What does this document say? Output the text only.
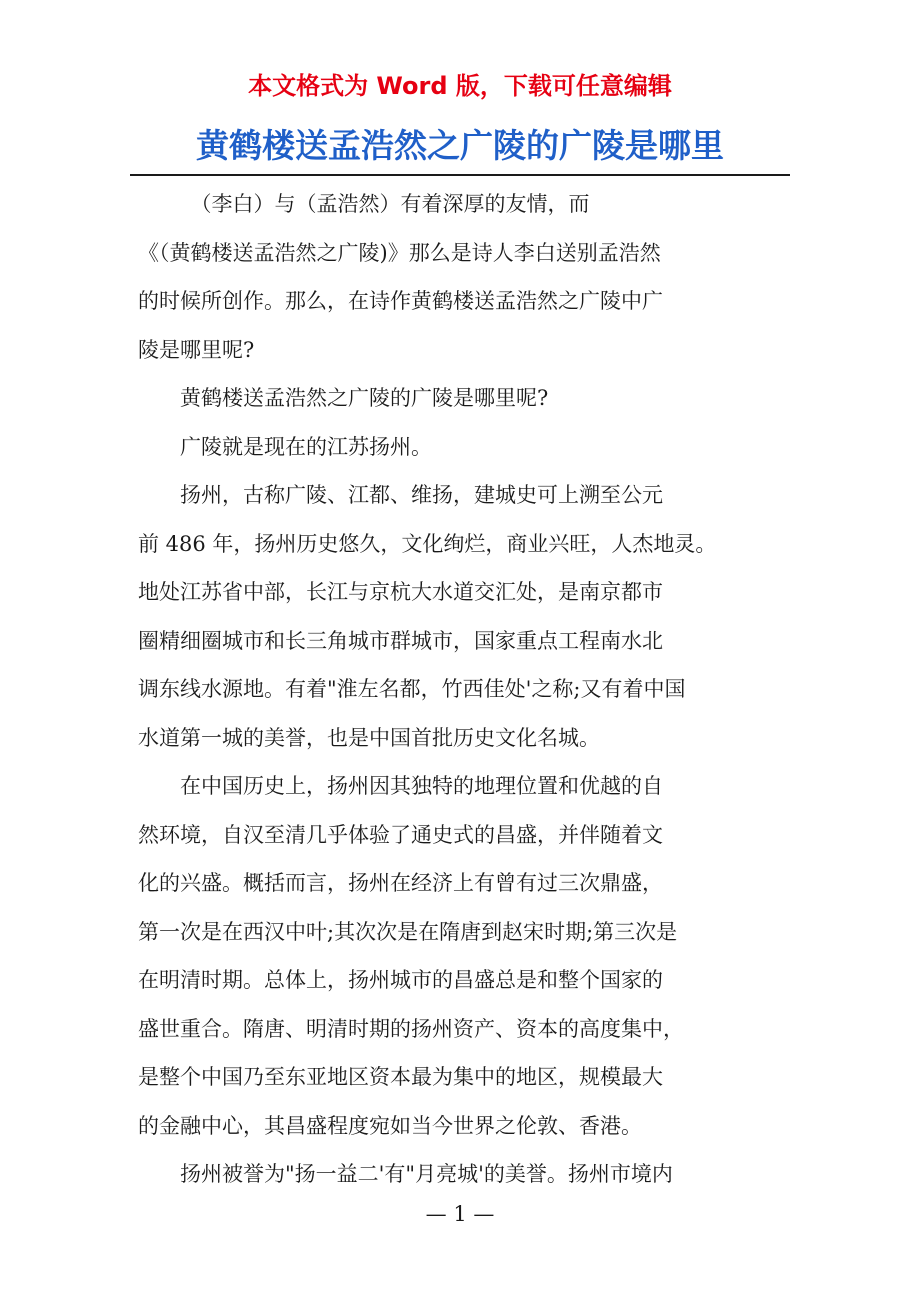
本文格式为 Word 版，下载可任意编辑
黄鹤楼送孟浩然之广陵的广陵是哪里
　　　（李白）与（孟浩然）有着深厚的友情，而
《（黄鹤楼送孟浩然之广陵)》那么是诗人李白送别孟浩然
的时候所创作。那么，在诗作黄鹤楼送孟浩然之广陵中广
陵是哪里呢?
　　黄鹤楼送孟浩然之广陵的广陵是哪里呢?
　　广陵就是现在的江苏扬州。
　　扬州，古称广陵、江都、维扬，建城史可上溯至公元
前 486 年，扬州历史悠久，文化绚烂，商业兴旺，人杰地灵。
地处江苏省中部，长江与京杭大水道交汇处，是南京都市
圈精细圈城市和长三角城市群城市，国家重点工程南水北
调东线水源地。有着"淮左名都，竹西佳处'之称;又有着中国
水道第一城的美誉，也是中国首批历史文化名城。
　　在中国历史上，扬州因其独特的地理位置和优越的自
然环境，自汉至清几乎体验了通史式的昌盛，并伴随着文
化的兴盛。概括而言，扬州在经济上有曾有过三次鼎盛，
第一次是在西汉中叶;其次次是在隋唐到赵宋时期;第三次是
在明清时期。总体上，扬州城市的昌盛总是和整个国家的
盛世重合。隋唐、明清时期的扬州资产、资本的高度集中，
是整个中国乃至东亚地区资本最为集中的地区，规模最大
的金融中心，其昌盛程度宛如当今世界之伦敦、香港。
　　扬州被誉为"扬一益二'有"月亮城'的美誉。扬州市境内
— 1 —
